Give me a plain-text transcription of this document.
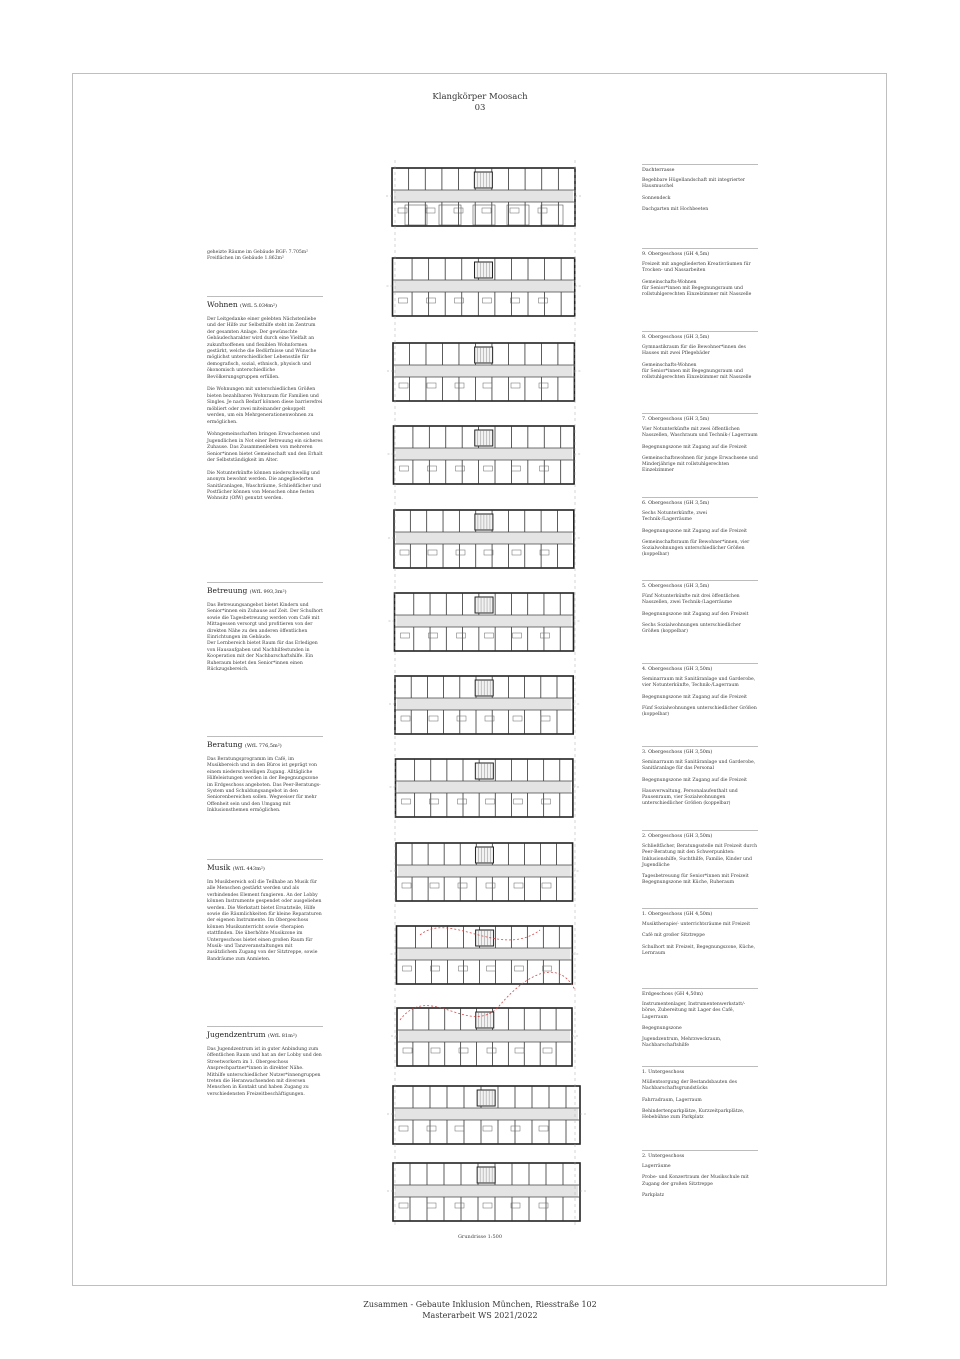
Klangkörper Moosach
03
geheizte Räume im Gebäude BGF: 7.705m²
Freiflächen im Gebäude 1.862m²
Wohnen (WfL 5.034m²)
Der Leitgedanke einer gelebten Nächstenliebe und der Hilfe zur Selbsthilfe steht im Zentrum der gesamten Anlage. Der gewünschte Gebäudecharakter wird durch eine Vielfalt an zukunftsoffenen und flexiblen Wohnformen gestärkt, welche die Bedürfnisse und Wünsche möglichst unterschiedlicher Lebensstile für demografisch, sozial, ethnisch, physisch und ökonomisch unterschiedliche Bevölkerungsgruppen erfüllen.

Die Wohnungen mit unterschiedlichen Größen bieten bezahlbaren Wohnraum für Familien und Singles. Je nach Bedarf können diese barrierefrei möbliert oder zwei miteinander gekoppelt werden, um ein Mehrgenerationenwohnen zu ermöglichen.

Wohngemeinschaften bringen Erwachsenen und Jugendlichen in Not einer Betreuung ein sicheres Zuhause. Das Zusammenleben von mehreren Senior*innen bietet Gemeinschaft und den Erhalt der Selbstständigkeit im Alter.

Die Notunterkünfte können niederschwellig und anonym bewohnt werden. Die angegliederten Sanitäranlagen, Waschräume, Schließfächer und Postfächer können von Menschen ohne festen Wohnsitz (OfW) genutzt werden.
Betreuung (WfL 993,3m²)
Das Betreuungsangebot bietet Kindern und Senior*innen ein Zuhause auf Zeit. Der Schulhort sowie die Tagesbetreuung werden vom Café mit Mittagessen versorgt und profitieren von der direkten Nähe zu den anderen öffentlichen Einrichtungen im Gebäude.
Der Lernbereich bietet Raum für das Erledigen von Hausaufgaben und Nachhilfestunden in Kooperation mit der Nachbarschaftshilfe. Ein Ruheraum bietet den Senior*innen einen Rückzugsbereich.
Beratung (WfL 776,5m²)
Das Beratungsprogramm im Café, im Musikbereich und in den Büros ist geprägt von einem niederschwelligen Zugang. Alltägliche Hilfeleistungen werden in der Begegnungszone im Erdgeschoss angeboten. Das Peer-Beratungs-System und Schuldungsangebot in den Seniorenbereichen sollen. Wegweiser für mehr Offenheit sein und den Umgang mit Inklusionsthemen ermöglichen.
Musik (WfL 443m²)
Im Musikbereich soll die Teilhabe an Musik für alle Menschen gestärkt werden und als verbindendes Element fungieren. An der Lobby können Instrumente gespendet oder ausgeliehen werden. Die Werkstatt bietet Ersatzteile, Hilfe sowie die Räumlichkeiten für kleine Reparaturen der eigenen Instrumente. Im Obergeschoss können Musikunterricht sowie -therapien stattfinden. Die überhöhte Musikzone im Untergeschoss bietet einen großen Raum für Musik- und Tanzveranstaltungen mit zusätzlichem Zugang von der Sitztreppe, sowie Bandräume zum Anmieten.
Jugendzentrum (WfL 81m²)
Das Jugendzentrum ist in guter Anbindung zum öffentlichen Raum und hat an der Lobby und den Streetworkern im 1. Obergeschoss Ansprechpartner*innen in direkter Nähe. Mithilfe unterschiedlicher Nutzer*innengruppen treten die Heranwachsenden mit diversen Menschen in Kontakt und haben Zugang zu verschiedensten Freizeitbeschäftigungen.
Dachterrasse
Begehbare Hügellandschaft mit integrierter Hausmuschel
Sonnendeck
Dachgarten mit Hochbeeten
9. Obergeschoss (GH 4,5m)
Freizeit mit angegliederten Kreativräumen für Trocken- und Nassarbeiten
Gemeinschafts-Wohnen
für Senior*innen mit Begegnungsraum und rollstuhlgerechten Einzelzimmer mit Nasszelle
8. Obergeschoss (GH 3,5m)
Gymnastikraum für die Bewohner*innen des Hauses mit zwei Pflegebäder
Gemeinschafts-Wohnen
für Senior*innen mit Begegnungsraum und rollstuhlgerechten Einzelzimmer mit Nasszelle
7. Obergeschoss (GH 3,5m)
Vier Notunterkünfte mit zwei öffentlichen Nasszellen, Waschraum und Technik-/ Lagerraum
Begegnungszone mit Zugang auf die Freizeit
Gemeinschaftswohnen für junge Erwachsene und Minderjährige mit rollstuhlgerechten Einzelzimmer
6. Obergeschoss (GH 3,5m)
Sechs Notunterkünfte, zwei Technik-/Lagerräume
Begegnungszone mit Zugang auf die Freizeit
Gemeinschaftsraum für Bewohner*innen, vier Sozialwohnungen unterschiedlicher Größen (koppelbar)
5. Obergeschoss (GH 3,5m)
Fünf Notunterkünfte mit drei öffentlichen Nasszellen, zwei Technik-/Lagerräume
Begegnungszone mit Zugang auf den Freizeit
Sechs Sozialwohnungen unterschiedlicher Größen (koppelbar)
4. Obergeschoss (GH 3,50m)
Seminarraum mit Sanitäranlage und Garderobe, vier Notunterkünfte, Technik-/Lagerraum
Begegnungszone mit Zugang auf die Freizeit
Fünf Sozialwohnungen unterschiedlicher Größen (koppelbar)
3. Obergeschoss (GH 3,50m)
Seminarraum mit Sanitäranlage und Garderobe, Sanitäranlage für das Personal
Begegnungszone mit Zugang auf die Freizeit
Hausverwaltung, Personalaufenthalt und Pausenraum, vier Sozialwohnungen unterschiedlicher Größen (koppelbar)
2. Obergeschoss (GH 3,50m)
Schließfächer, Beratungsstelle mit Freizeit durch Peer-Beratung mit den Schwerpunkten: Inklusionshilfe, Suchthilfe, Familie, Kinder und Jugendliche
Tagesbetreuung für Senior*innen mit Freizeit Begegnungszone mit Küche, Ruheraum
1. Obergeschoss (GH 4,50m)
Musiktherapie/- unterrichtsräume mit Freizeit
Café mit großer Sitztreppe
Schulhort mit Freizeit, Begegnungszone, Küche, Lernraum
Erdgeschoss (GH 4,50m)
Instrumentenlager, Instrumentenwerkstatt/-börse, Zubereitung mit Lager des Café, Lagerraum
Begegnungszone
Jugendzentrum, Mehrzweckraum, Nachbarschaftshilfe
1. Untergeschoss
Müllentsorgung der Bestandsbauten des Nachbarschaftsgrundstücks
Fahrradraum, Lagerraum
Behindertenparkplätze, Kurzzeitparkplätze, Hebebühne zum Parkplatz
2. Untergeschoss
Lagerräume
Probe- und Konzertraum der Musikschule mit Zugang der großen Sitztreppe
Parkplatz
Grundrisse 1:500
Zusammen - Gebaute Inklusion München, Riesstraße 102
Masterarbeit WS 2021/2022
